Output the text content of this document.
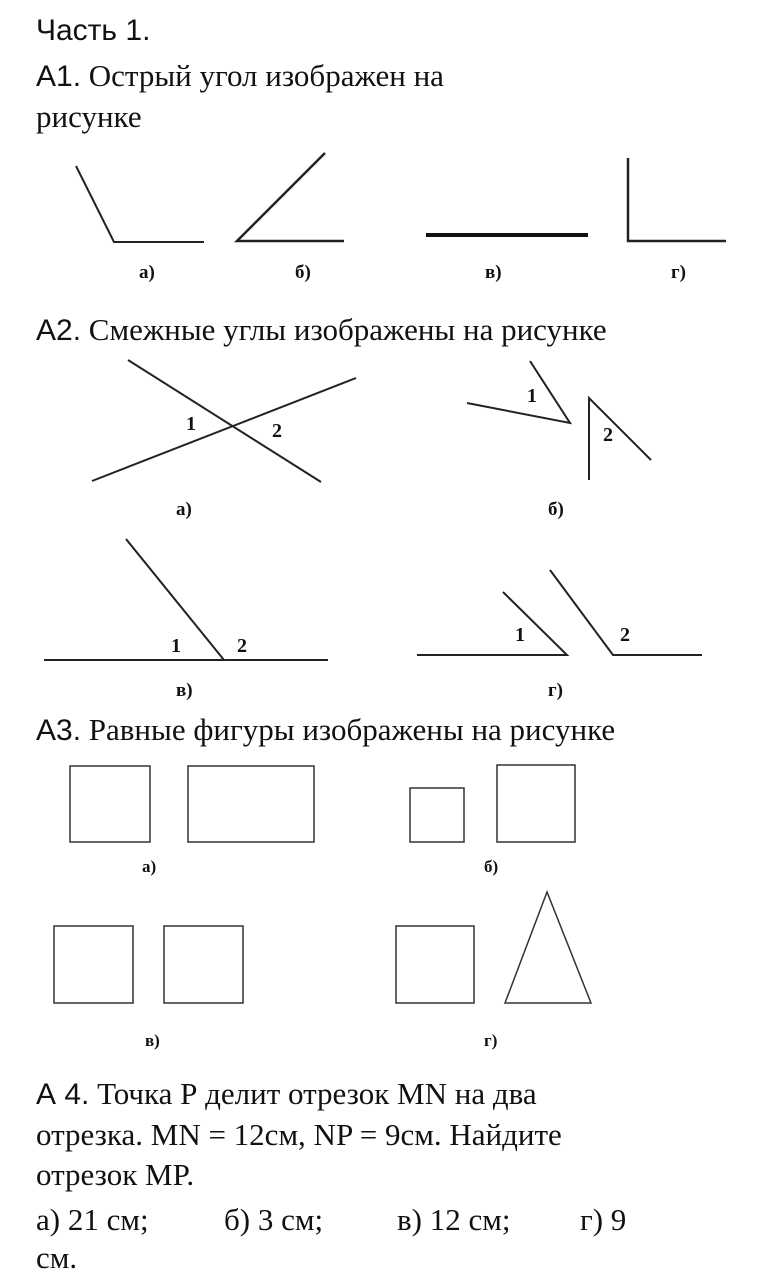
Часть 1.
А1. Острый угол изображен на рисунке
а)	б)	в)	г)
А2. Смежные углы изображены на рисунке
1	2
1
2
1	2	1	2
а)	б)
в)	г)
А3. Равные фигуры изображены на рисунке
а)	б)
в)	г)
А 4. Точка Р делит отрезок MN на два
отрезка. MN = 12см, NP = 9см. Найдите
отрезок MP.
а) 21 см; б) 3 см; в) 12 см; г) 9
см.
